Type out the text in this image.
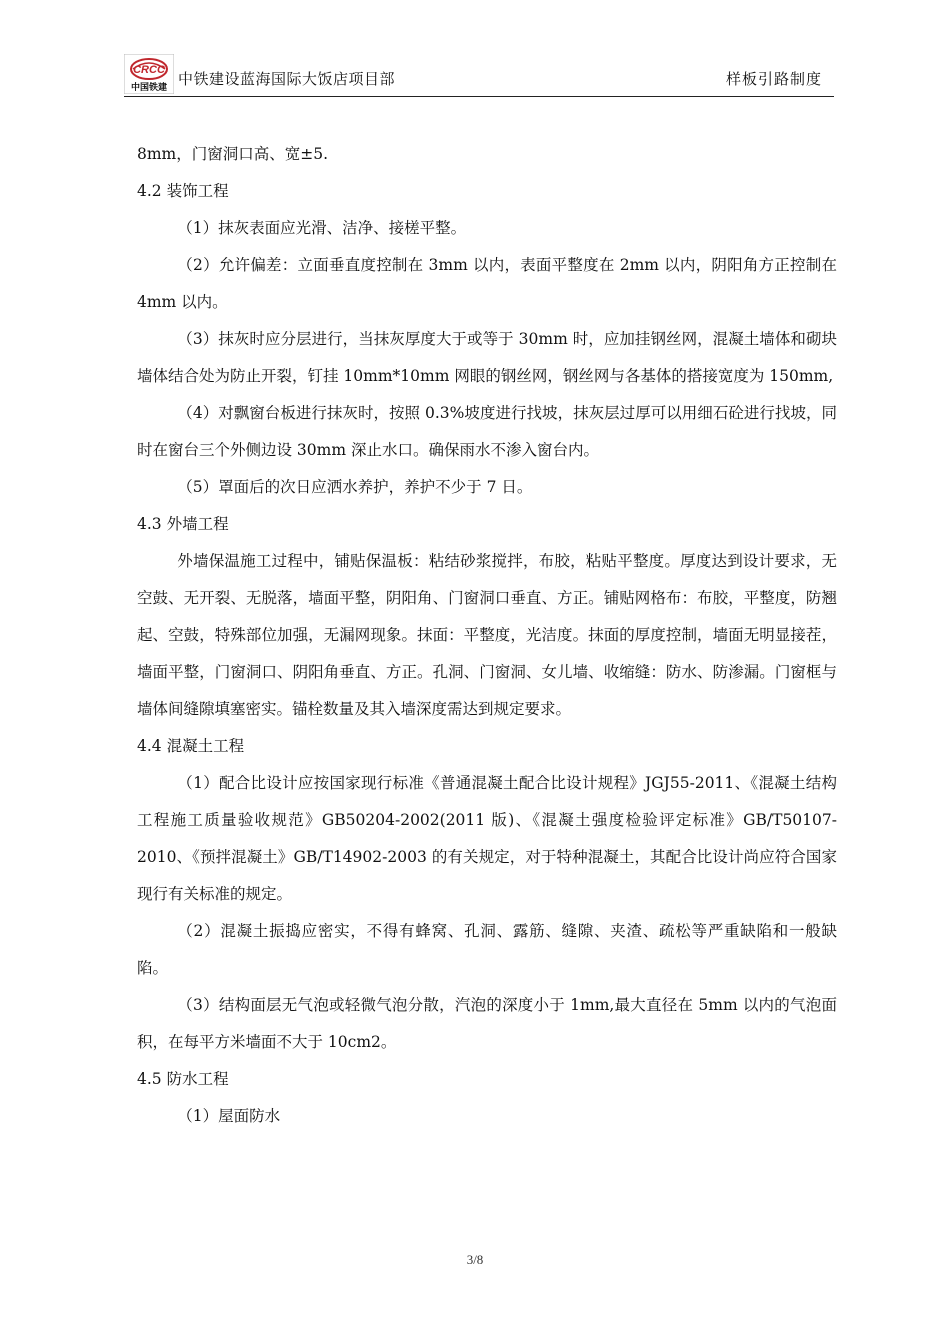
CRCC
中国铁建 中铁建设蓝海国际大饭店项目部	样板引路制度

8mm，门窗洞口高、宽±5.

4.2 装饰工程

（1）抹灰表面应光滑、洁净、接槎平整。

（2）允许偏差：立面垂直度控制在 3mm 以内，表面平整度在 2mm 以内，阴阳角方正控制在 4mm 以内。

（3）抹灰时应分层进行，当抹灰厚度大于或等于 30mm 时，应加挂钢丝网，混凝土墙体和砌块墙体结合处为防止开裂，钉挂 10mm*10mm 网眼的钢丝网，钢丝网与各基体的搭接宽度为 150mm,

（4）对飘窗台板进行抹灰时，按照 0.3%坡度进行找坡，抹灰层过厚可以用细石砼进行找坡，同时在窗台三个外侧边设 30mm 深止水口。确保雨水不渗入窗台内。

（5）罩面后的次日应洒水养护，养护不少于 7 日。

4.3 外墙工程

外墙保温施工过程中，铺贴保温板：粘结砂浆搅拌，布胶，粘贴平整度。厚度达到设计要求，无空鼓、无开裂、无脱落，墙面平整，阴阳角、门窗洞口垂直、方正。铺贴网格布：布胶，平整度，防翘起、空鼓，特殊部位加强，无漏网现象。抹面：平整度，光洁度。抹面的厚度控制，墙面无明显接茬，墙面平整，门窗洞口、阴阳角垂直、方正。孔洞、门窗洞、女儿墙、收缩缝：防水、防渗漏。门窗框与墙体间缝隙填塞密实。锚栓数量及其入墙深度需达到规定要求。

4.4 混凝土工程

（1）配合比设计应按国家现行标准《普通混凝土配合比设计规程》JGJ55-2011、《混凝土结构工程施工质量验收规范》GB50204-2002(2011 版)、《混凝土强度检验评定标准》GB/T50107-2010、《预拌混凝土》GB/T14902-2003 的有关规定，对于特种混凝土，其配合比设计尚应符合国家现行有关标准的规定。

（2）混凝土振捣应密实，不得有蜂窝、孔洞、露筋、缝隙、夹渣、疏松等严重缺陷和一般缺陷。

（3）结构面层无气泡或轻微气泡分散，汽泡的深度小于 1mm,最大直径在 5mm 以内的气泡面积，在每平方米墙面不大于 10cm2。

4.5 防水工程

（1）屋面防水

3/8
